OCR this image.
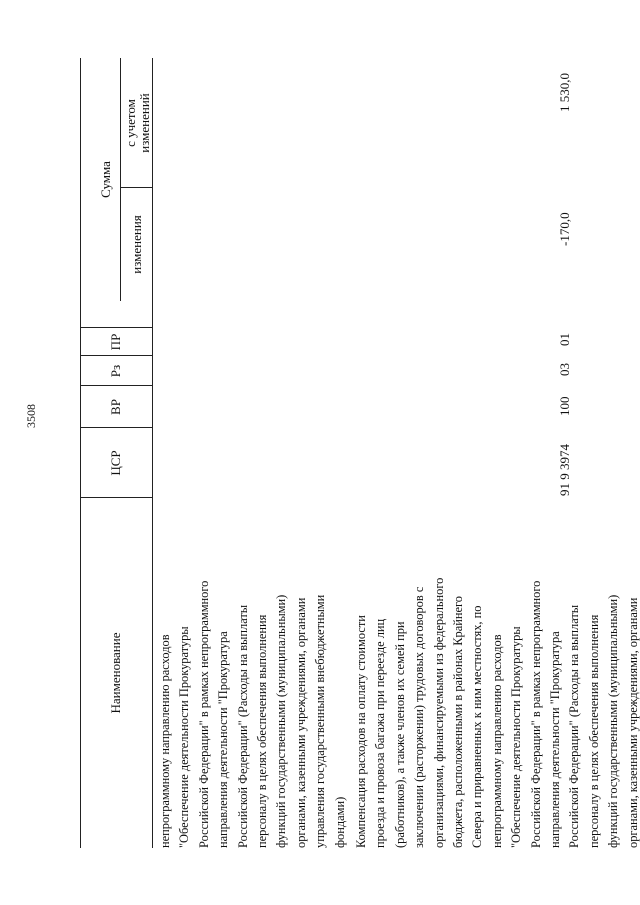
3508
Наименование
ЦСР
ВР
Рз
ПР
Сумма
изменения
с учетом изменений
непрограммному направлению расходов "Обеспечение деятельности Прокуратуры Российской Федерации" в рамках непрограммного направления деятельности "Прокуратура Российской Федерации" (Расходы на выплаты персоналу в целях обеспечения выполнения функций государственными (муниципальными) органами, казенными учреждениями, органами управления государственными внебюджетными фондами) Компенсация расходов на оплату стоимости проезда и провоза багажа при переезде лиц (работников), а также членов их семей при заключении (расторжении) трудовых договоров с организациями, финансируемыми из федерального бюджета, расположенными в районах Крайнего Севера и приравненных к ним местностях, по непрограммному направлению расходов "Обеспечение деятельности Прокуратуры Российской Федерации" в рамках непрограммного направления деятельности "Прокуратура Российской Федерации" (Расходы на выплаты персоналу в целях обеспечения выполнения функций государственными (муниципальными) органами, казенными учреждениями, органами
91 9 3974
100
03
01
-170,0
1 530,0
